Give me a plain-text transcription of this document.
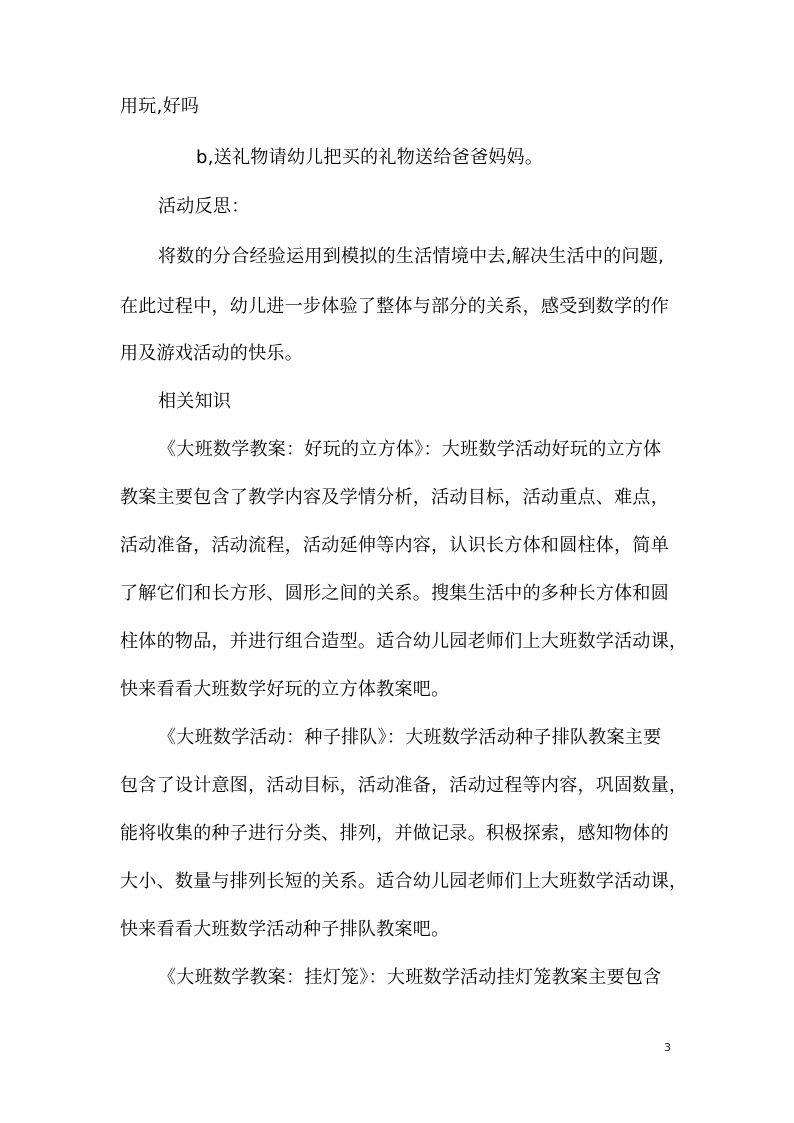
用玩,好吗
b,送礼物请幼儿把买的礼物送给爸爸妈妈。
活动反思：
将数的分合经验运用到模拟的生活情境中去,解决生活中的问题,
在此过程中，幼儿进一步体验了整体与部分的关系，感受到数学的作
用及游戏活动的快乐。
相关知识
《大班数学教案：好玩的立方体》：大班数学活动好玩的立方体
教案主要包含了教学内容及学情分析，活动目标，活动重点、难点，
活动准备，活动流程，活动延伸等内容，认识长方体和圆柱体，简单
了解它们和长方形、圆形之间的关系。搜集生活中的多种长方体和圆
柱体的物品，并进行组合造型。适合幼儿园老师们上大班数学活动课，
快来看看大班数学好玩的立方体教案吧。
《大班数学活动：种子排队》：大班数学活动种子排队教案主要
包含了设计意图，活动目标，活动准备，活动过程等内容，巩固数量，
能将收集的种子进行分类、排列，并做记录。积极探索，感知物体的
大小、数量与排列长短的关系。适合幼儿园老师们上大班数学活动课，
快来看看大班数学活动种子排队教案吧。
《大班数学教案：挂灯笼》：大班数学活动挂灯笼教案主要包含
3
